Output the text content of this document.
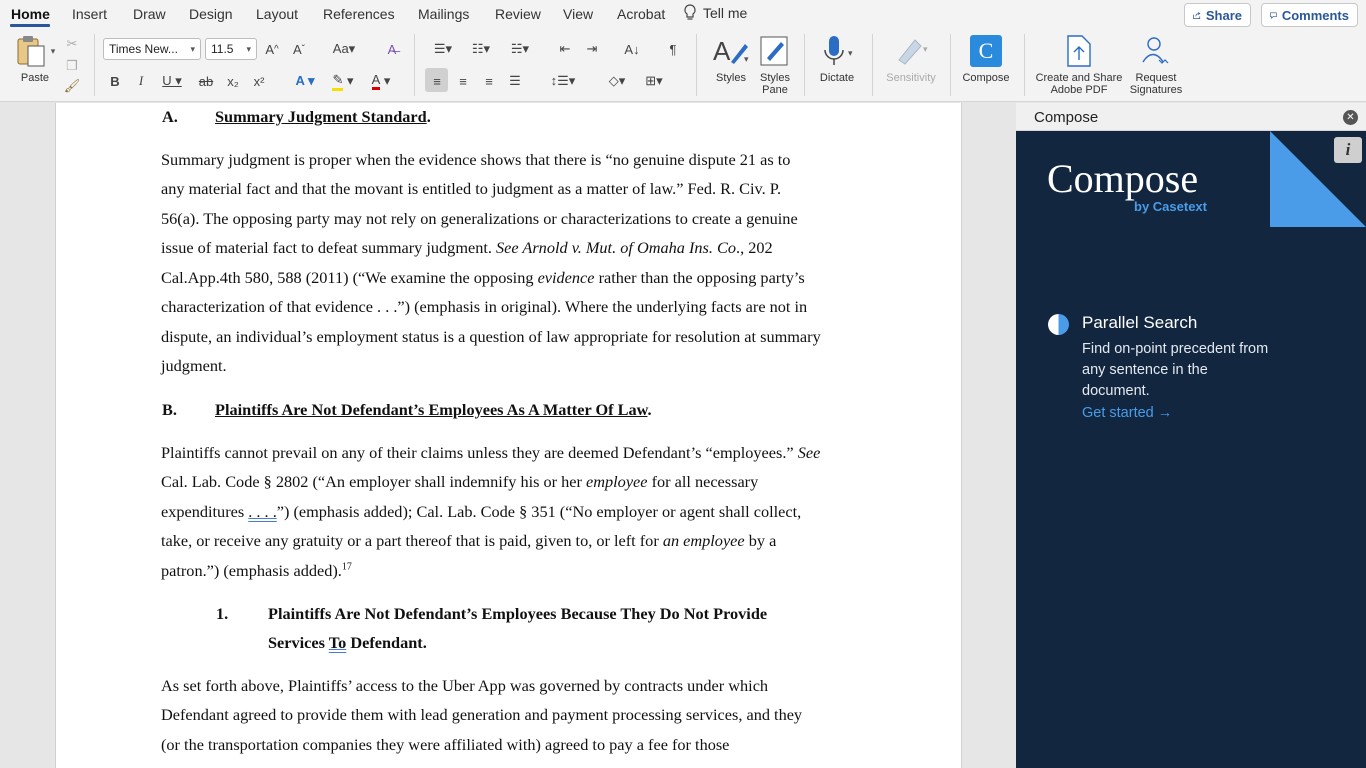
Home Insert Draw Design Layout References Mailings Review View Acrobat	Tell me	Share	Comments
▾
Paste
✂
❐
🖌
Times New... ▾ 11.5 ▾ A ^ A ˇ Aa▾	A̶
B	I	U ▾	ab x₂ x²	A ▾	✎ ▾	A ▾
☰▾	☷▾	☵▾	⇤ ⇥ A↓	¶
≡	≡	≡	☰	↕☰▾	◇▾	⊞▾
A ▾
Styles	Styles Pane
▾
Dictate
▾
Sensitivity
C
Compose	Create and Share Adobe PDF
Request Signatures
A. Summary Judgment Standard.
Summary judgment is proper when the evidence shows that there is “no genuine dispute 21 as to
any material fact and that the movant is entitled to judgment as a matter of law.” Fed. R. Civ. P.
56(a). The opposing party may not rely on generalizations or characterizations to create a genuine
issue of material fact to defeat summary judgment. See Arnold v. Mut. of Omaha Ins. Co., 202
Cal.App.4th 580, 588 (2011) (“We examine the opposing evidence rather than the opposing party’s
characterization of that evidence . . .”) (emphasis in original). Where the underlying facts are not in
dispute, an individual’s employment status is a question of law appropriate for resolution at summary
judgment.
B. Plaintiffs Are Not Defendant’s Employees As A Matter Of Law.
Plaintiffs cannot prevail on any of their claims unless they are deemed Defendant’s “employees.” See
Cal. Lab. Code § 2802 (“An employer shall indemnify his or her employee for all necessary
expenditures . . . .”) (emphasis added); Cal. Lab. Code § 351 (“No employer or agent shall collect,
take, or receive any gratuity or a part thereof that is paid, given to, or left for an employee by a
patron.”) (emphasis added).$^{17}$
1. Plaintiffs Are Not Defendant’s Employees Because They Do Not Provide
Services To Defendant.
As set forth above, Plaintiffs’ access to the Uber App was governed by contracts under which
Defendant agreed to provide them with lead generation and payment processing services, and they
(or the transportation companies they were affiliated with) agreed to pay a fee for those
Compose	✕
i
Compose
by Casetext
Parallel Search
Find on-point precedent from any sentence in the document.
Get started →
